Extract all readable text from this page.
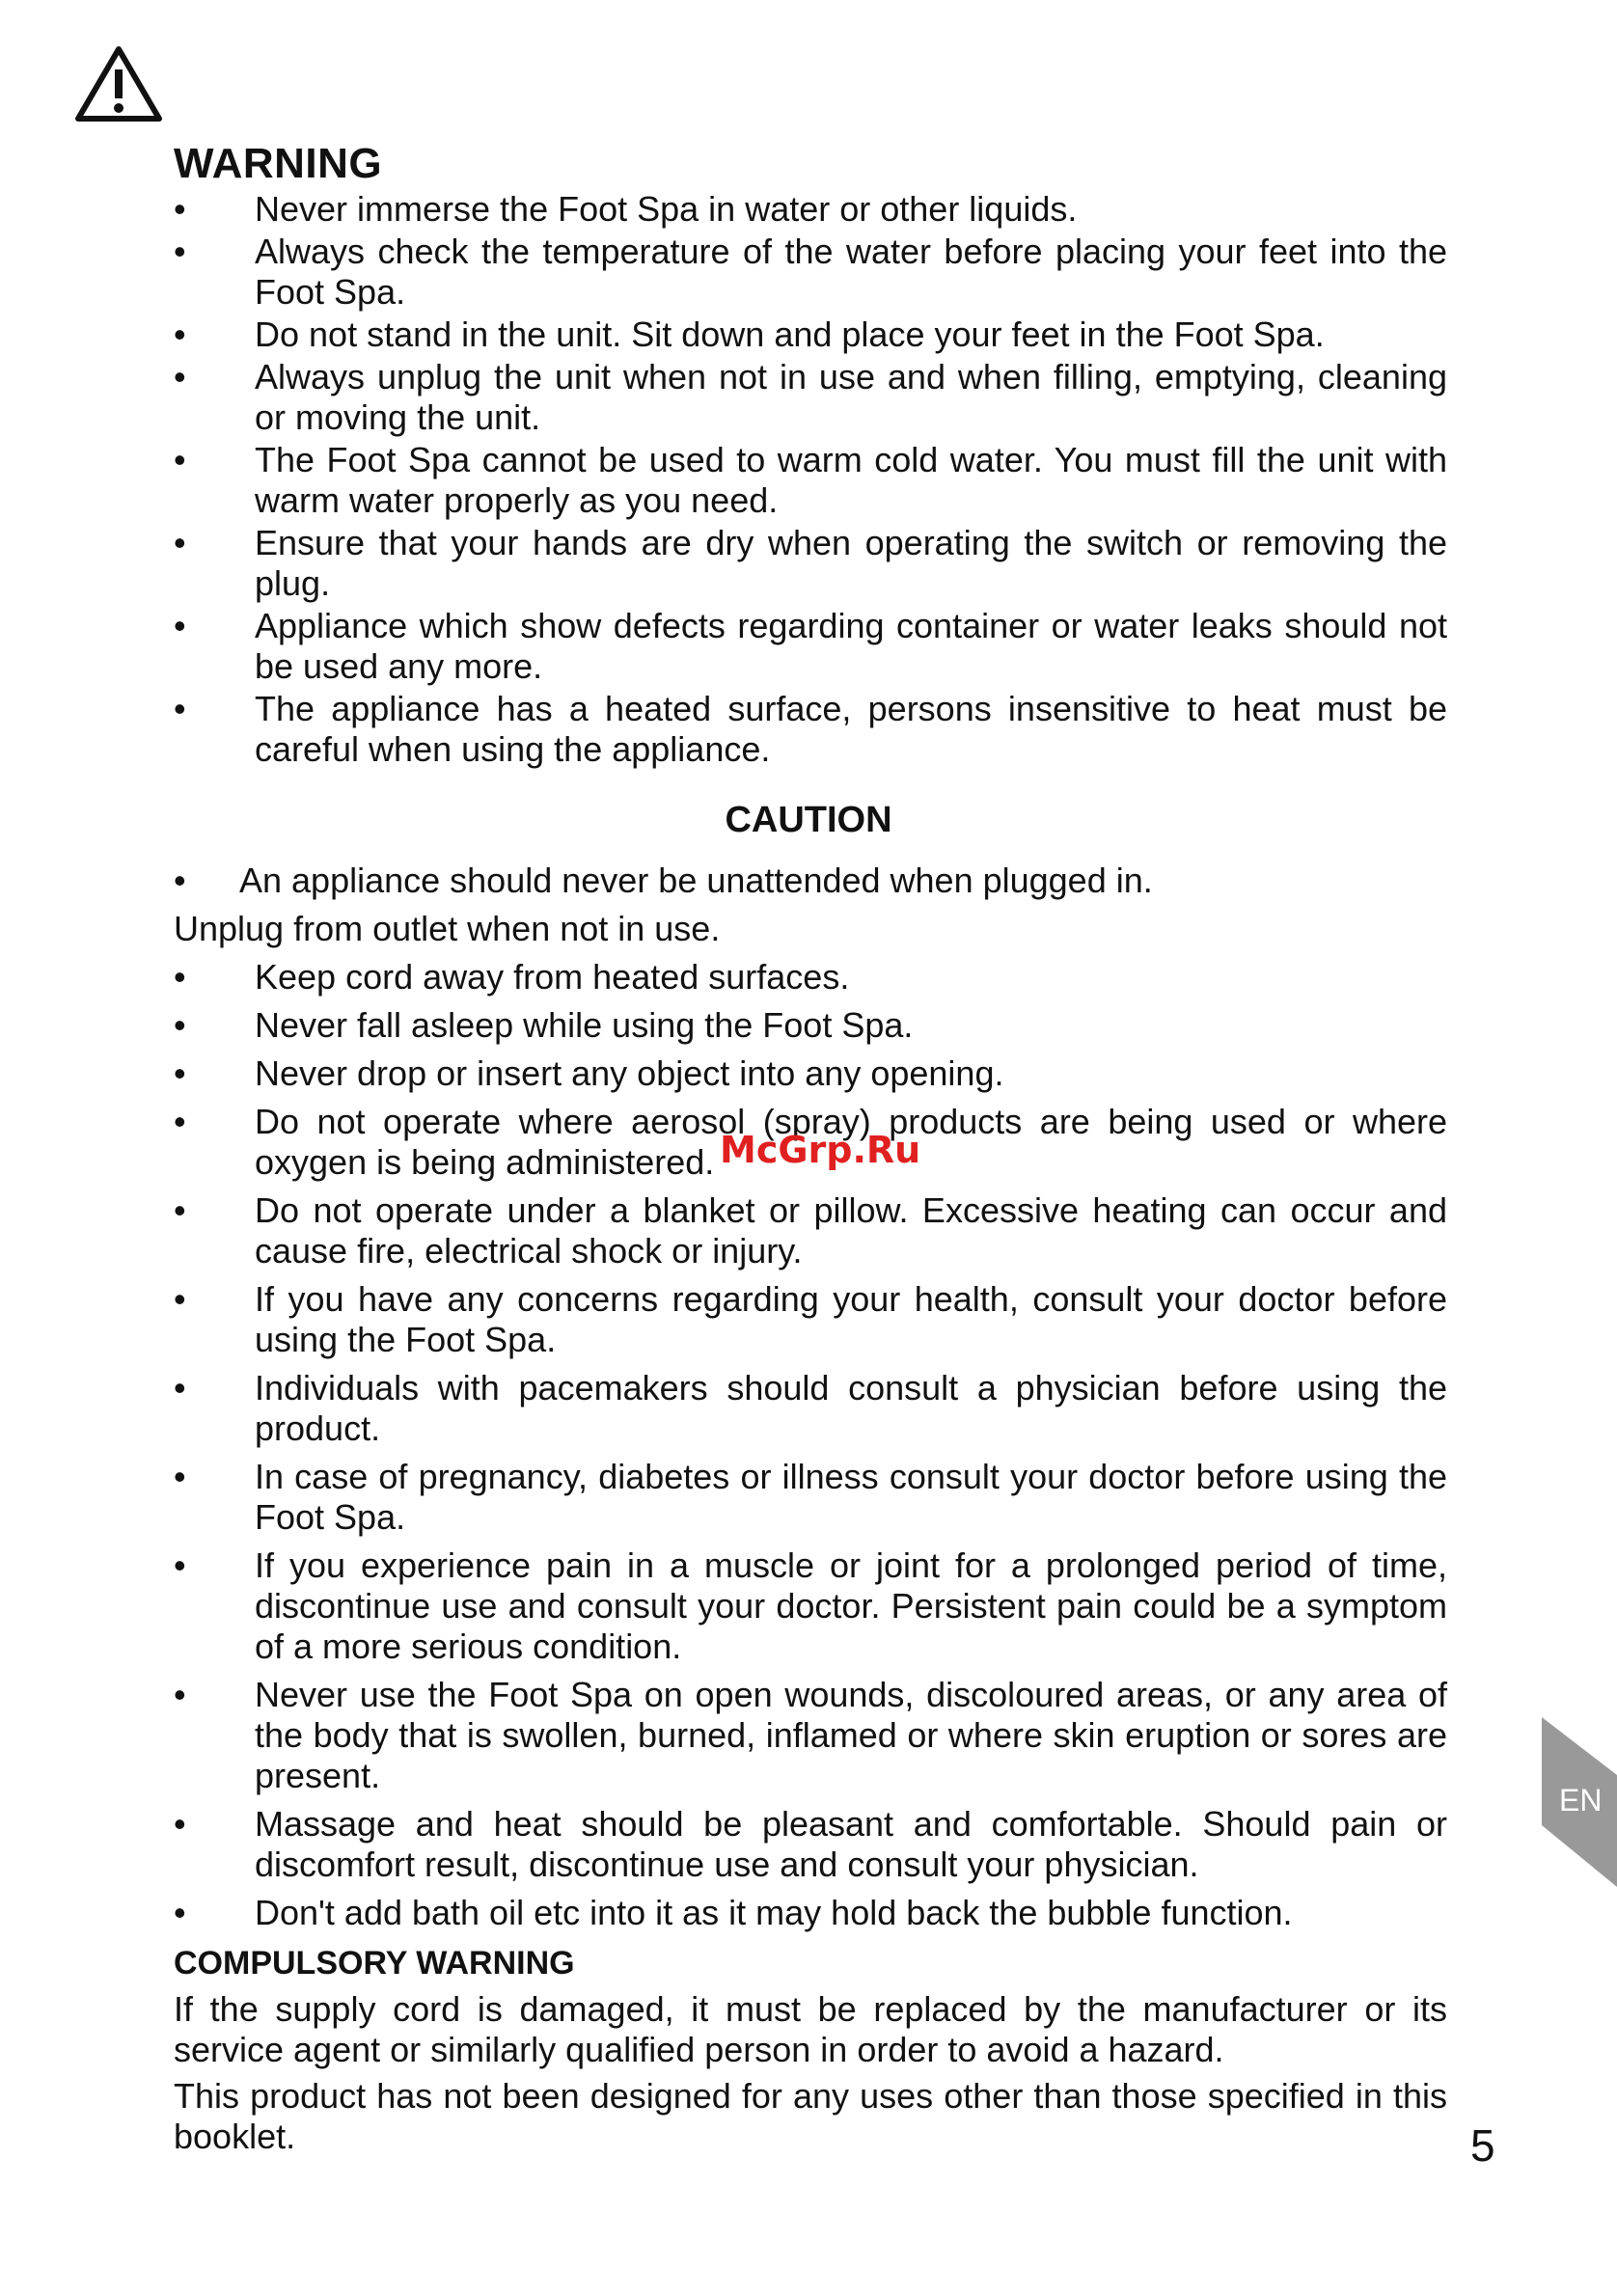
WARNING
•	Never immerse the Foot Spa in water or other liquids.
•	Always check the temperature of the water before placing your feet into the Foot Spa.
•	Do not stand in the unit. Sit down and place your feet in the Foot Spa.
•	Always unplug the unit when not in use and when filling, emptying, cleaning or moving the unit.
•	The Foot Spa cannot be used to warm cold water. You must fill the unit with warm water properly as you need.
•	Ensure that your hands are dry when operating the switch or removing the plug.
•	Appliance which show defects regarding container or water leaks should not be used any more.
•	The appliance has a heated surface, persons insensitive to heat must be careful when using the appliance.
CAUTION
•	An appliance should never be unattended when plugged in.
Unplug from outlet when not in use.
•	Keep cord away from heated surfaces.
•	Never fall asleep while using the Foot Spa.
•	Never drop or insert any object into any opening.
•	Do not operate where aerosol (spray) products are being used or where oxygen is being administered.
•	Do not operate under a blanket or pillow. Excessive heating can occur and cause fire, electrical shock or injury.
•	If you have any concerns regarding your health, consult your doctor before using the Foot Spa.
•	Individuals with pacemakers should consult a physician before using the product.
•	In case of pregnancy, diabetes or illness consult your doctor before using the Foot Spa.
•	If you experience pain in a muscle or joint for a prolonged period of time, discontinue use and consult your doctor. Persistent pain could be a symptom of a more serious condition.
•	Never use the Foot Spa on open wounds, discoloured areas, or any area of the body that is swollen, burned, inflamed or where skin eruption or sores are present.
•	Massage and heat should be pleasant and comfortable. Should pain or discomfort result, discontinue use and consult your physician.
•	Don't add bath oil etc into it as it may hold back the bubble function.
COMPULSORY WARNING
If the supply cord is damaged, it must be replaced by the manufacturer or its service agent or similarly qualified person in order to avoid a hazard.
This product has not been designed for any uses other than those specified in this booklet.
McGrp.Ru
EN
5
